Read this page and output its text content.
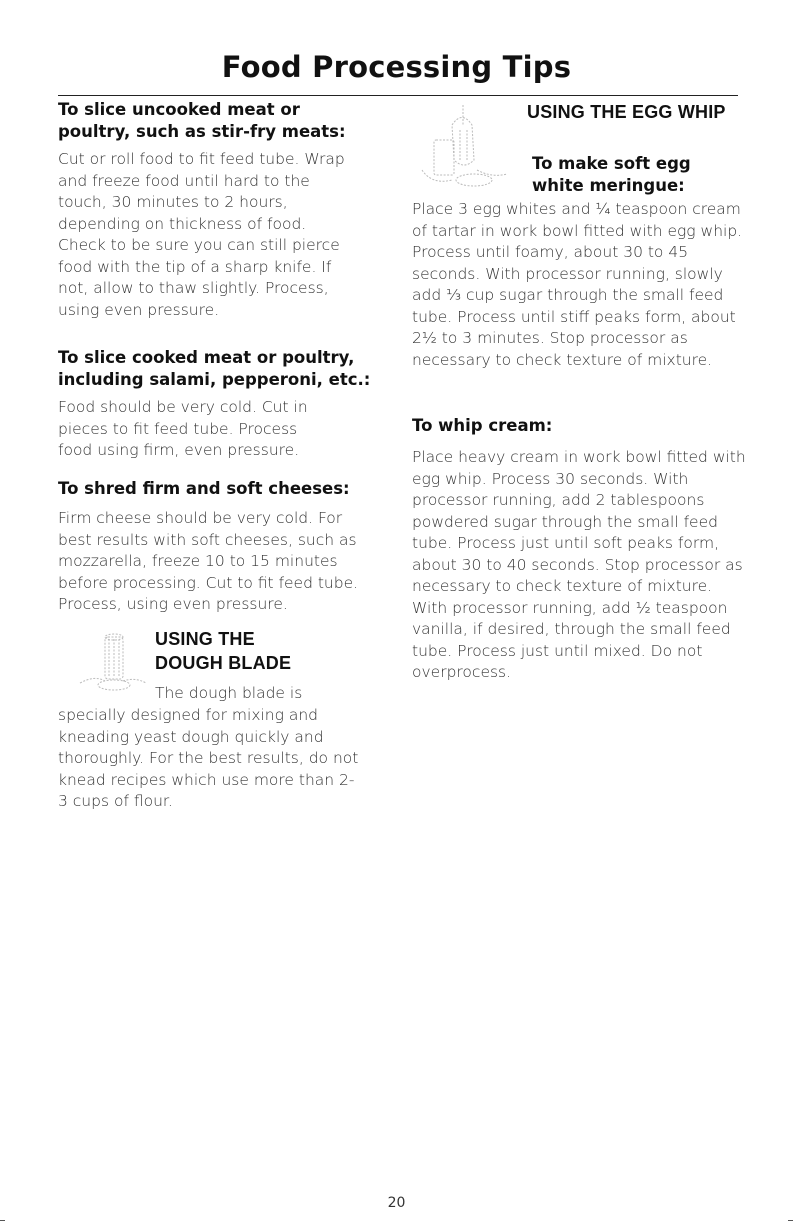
Food Processing Tips

To slice uncooked meat or poultry, such as stir-fry meats:

Cut or roll food to fit feed tube. Wrap and freeze food until hard to the touch, 30 minutes to 2 hours, depending on thickness of food. Check to be sure you can still pierce food with the tip of a sharp knife. If not, allow to thaw slightly. Process, using even pressure.

To slice cooked meat or poultry, including salami, pepperoni, etc.:

Food should be very cold. Cut in pieces to fit feed tube. Process food using firm, even pressure.

To shred firm and soft cheeses:

Firm cheese should be very cold. For best results with soft cheeses, such as mozzarella, freeze 10 to 15 minutes before processing. Cut to fit feed tube. Process, using even pressure.

USING THE
DOUGH BLADE
The dough blade is

specially designed for mixing and kneading yeast dough quickly and thoroughly. For the best results, do not knead recipes which use more than 2-3 cups of flour.

USING THE EGG WHIP

To make soft egg

white meringue:

Place 3 egg whites and ¼ teaspoon cream of tartar in work bowl fitted with egg whip. Process until foamy, about 30 to 45 seconds. With processor running, slowly add ⅓ cup sugar through the small feed tube. Process until stiff peaks form, about 2½ to 3 minutes. Stop processor as necessary to check texture of mixture.

To whip cream:

Place heavy cream in work bowl fitted with egg whip. Process 30 seconds. With processor running, add 2 tablespoons powdered sugar through the small feed tube. Process just until soft peaks form, about 30 to 40 seconds. Stop processor as necessary to check texture of mixture. With processor running, add ½ teaspoon vanilla, if desired, through the small feed tube. Process just until mixed. Do not overprocess.

20
